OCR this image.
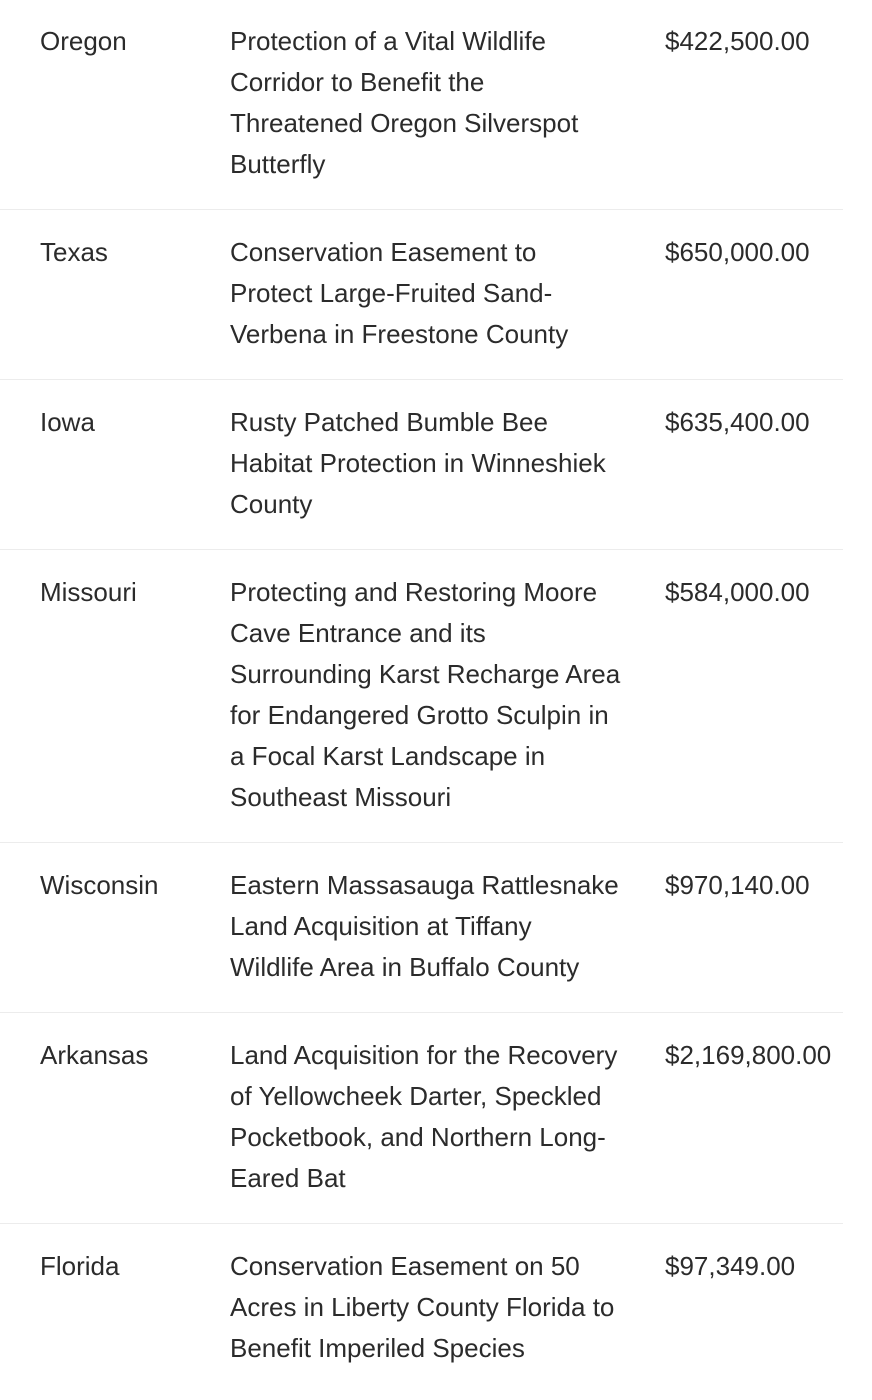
Oregon	Protection of a Vital Wildlife Corridor to Benefit the Threatened Oregon Silverspot Butterfly	$422,500.00
Texas	Conservation Easement to Protect Large-Fruited Sand-Verbena in Freestone County	$650,000.00
Iowa	Rusty Patched Bumble Bee Habitat Protection in Winneshiek County	$635,400.00
Missouri	Protecting and Restoring Moore Cave Entrance and its Surrounding Karst Recharge Area for Endangered Grotto Sculpin in a Focal Karst Landscape in Southeast Missouri	$584,000.00
Wisconsin	Eastern Massasauga Rattlesnake Land Acquisition at Tiffany Wildlife Area in Buffalo County	$970,140.00
Arkansas	Land Acquisition for the Recovery of Yellowcheek Darter, Speckled Pocketbook, and Northern Long-Eared Bat	$2,169,800.00
Florida	Conservation Easement on 50 Acres in Liberty County Florida to Benefit Imperiled Species	$97,349.00
